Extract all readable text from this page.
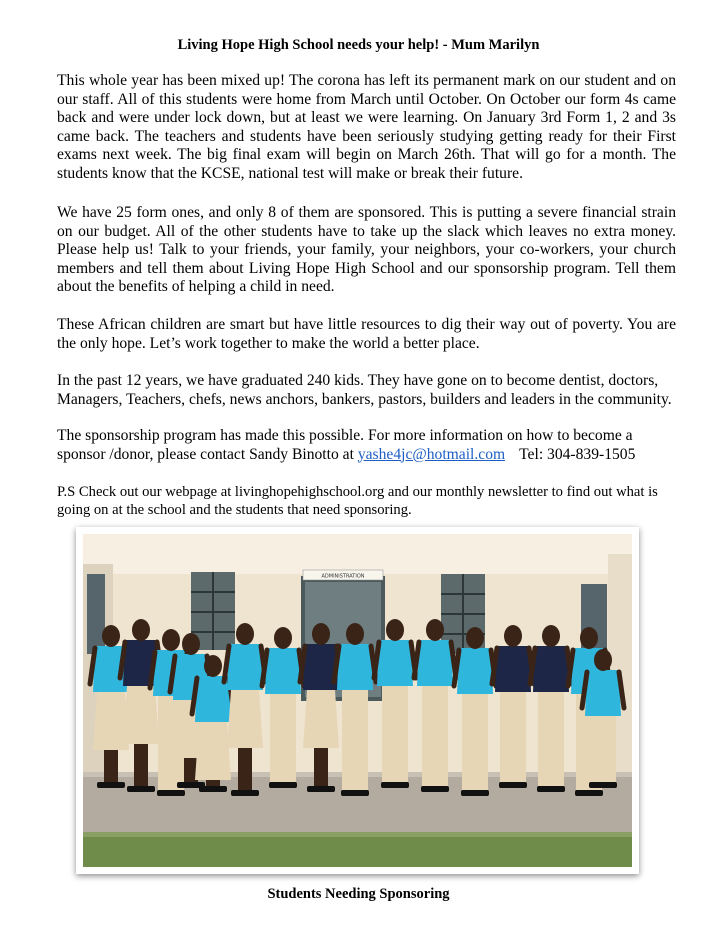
Living Hope High School needs your help! - Mum Marilyn

This whole year has been mixed up! The corona has left its permanent mark on our student and on our staff. All of this students were home from March until October. On October our form 4s came back and were under lock down, but at least we were learning. On January 3rd Form 1, 2 and 3s came back. The teachers and students have been seriously studying getting ready for their First exams next week. The big final exam will begin on March 26th. That will go for a month. The students know that the KCSE, national test will make or break their future.

We have 25 form ones, and only 8 of them are sponsored. This is putting a severe financial strain on our budget. All of the other students have to take up the slack which leaves no extra money. Please help us! Talk to your friends, your family, your neighbors, your co-workers, your church members and tell them about Living Hope High School and our sponsorship program. Tell them about the benefits of helping a child in need.

These African children are smart but have little resources to dig their way out of poverty. You are the only hope. Let’s work together to make the world a better place.

In the past 12 years, we have graduated 240 kids. They have gone on to become dentist, doctors, Managers, Teachers, chefs, news anchors, bankers, pastors, builders and leaders in the community.

The sponsorship program has made this possible. For more information on how to become a sponsor /donor, please contact Sandy Binotto at yashe4jc@hotmail.com Tel: 304-839-1505

P.S Check out our webpage at livinghopehighschool.org and our monthly newsletter to find out what is going on at the school and the students that need sponsoring.

ADMINISTRATION
Students Needing Sponsoring
